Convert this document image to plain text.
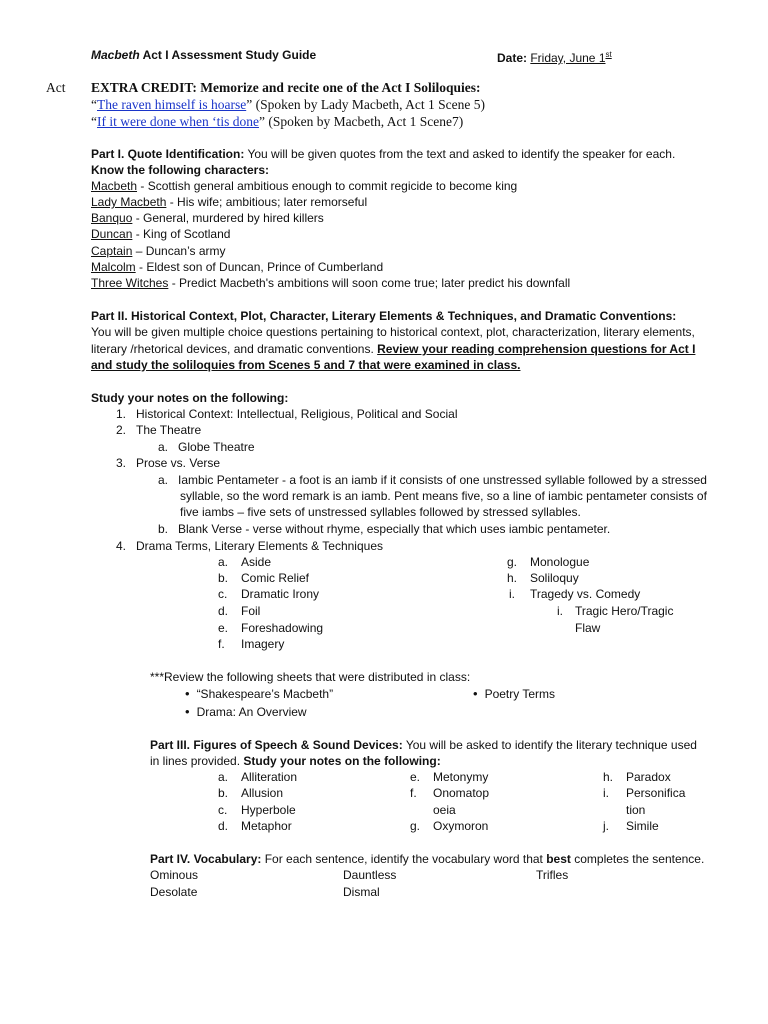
Macbeth Act I Assessment Study Guide	Date: Friday, June 1st
Act EXTRA CREDIT: Memorize and recite one of the Act I Soliloquies:
“The raven himself is hoarse” (Spoken by Lady Macbeth, Act 1 Scene 5)
“If it were done when ‘tis done” (Spoken by Macbeth, Act 1 Scene7)
Part I. Quote Identification: You will be given quotes from the text and asked to identify the speaker for each.
Know the following characters:
Macbeth - Scottish general ambitious enough to commit regicide to become king
Lady Macbeth - His wife; ambitious; later remorseful
Banquo - General, murdered by hired killers
Duncan - King of Scotland
Captain – Duncan’s army
Malcolm - Eldest son of Duncan, Prince of Cumberland
Three Witches - Predict Macbeth's ambitions will soon come true; later predict his downfall
Part II. Historical Context, Plot, Character, Literary Elements & Techniques, and Dramatic Conventions:
You will be given multiple choice questions pertaining to historical context, plot, characterization, literary elements,
literary /rhetorical devices, and dramatic conventions. Review your reading comprehension questions for Act I
and study the soliloquies from Scenes 5 and 7 that were examined in class.
Study your notes on the following:
1. Historical Context: Intellectual, Religious, Political and Social
2. The Theatre
a. Globe Theatre
3. Prose vs. Verse
a. Iambic Pentameter - a foot is an iamb if it consists of one unstressed syllable followed by a stressed
syllable, so the word remark is an iamb. Pent means five, so a line of iambic pentameter consists of
five iambs – five sets of unstressed syllables followed by stressed syllables.
b. Blank Verse - verse without rhyme, especially that which uses iambic pentameter.
4. Drama Terms, Literary Elements & Techniques
a. Aside
b. Comic Relief
c. Dramatic Irony
d. Foil
e. Foreshadowing
f. Imagery
g. Monologue
h. Soliloquy
i. Tragedy vs. Comedy
i. Tragic Hero/Tragic
Flaw
***Review the following sheets that were distributed in class:
• “Shakespeare’s Macbeth”
•	Poetry Terms
• Drama: An Overview
Part III. Figures of Speech & Sound Devices: You will be asked to identify the literary technique used
in lines provided. Study your notes on the following:
a. Alliteration
b. Allusion
c. Hyperbole
d. Metaphor
e. Metonymy
f. Onomatop
oeia
g. Oxymoron
h. Paradox
i. Personifica
tion
j. Simile
Part IV. Vocabulary: For each sentence, identify the vocabulary word that best completes the sentence.
Ominous	Dauntless	Trifles
Desolate	Dismal
